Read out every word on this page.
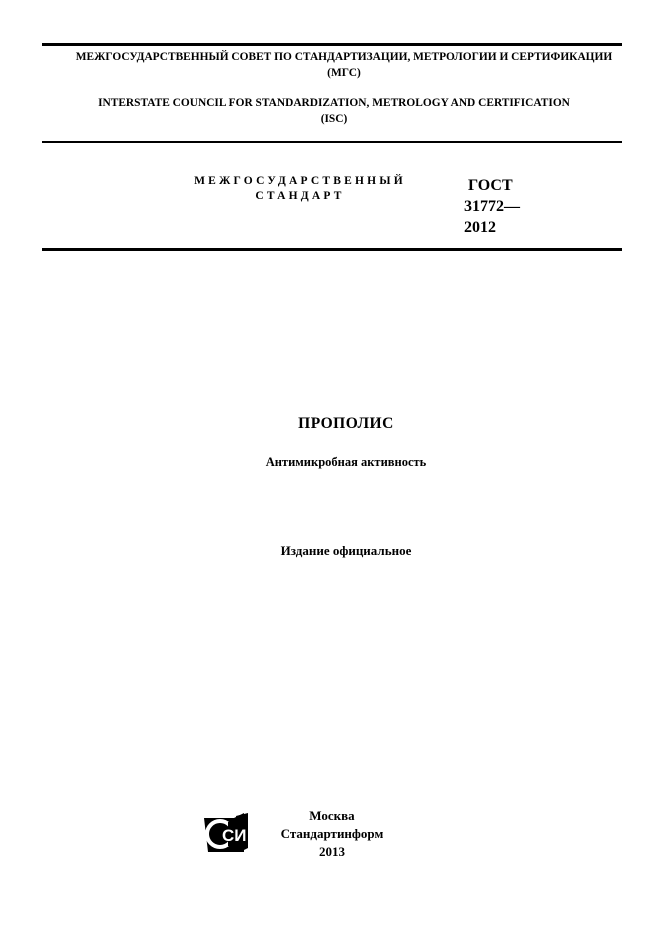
МЕЖГОСУДАРСТВЕННЫЙ СОВЕТ ПО СТАНДАРТИЗАЦИИ, МЕТРОЛОГИИ И СЕРТИФИКАЦИИ
(МГС)
INTERSTATE COUNCIL FOR STANDARDIZATION, METROLOGY AND CERTIFICATION
(ISC)
МЕЖГОСУДАРСТВЕННЫЙ
СТАНДАРТ
ГОСТ
31772—
2012
ПРОПОЛИС
Антимикробная активность
Издание официальное
СИ
Москва
Стандартинформ
2013
